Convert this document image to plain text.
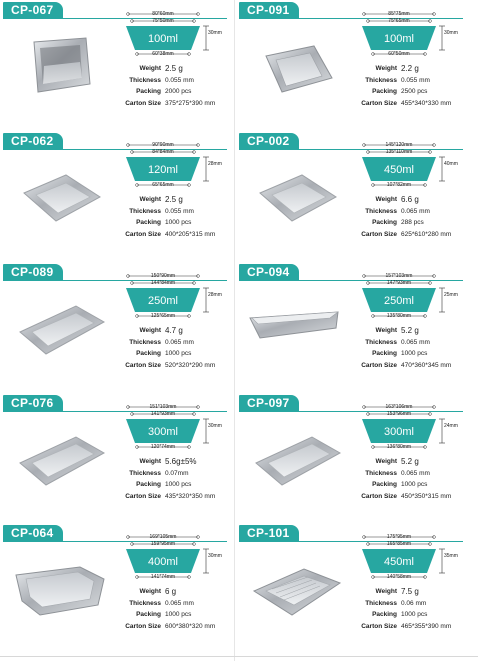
CP-067	80*60mm
75*50mm
100ml
60*38mm
30mm
Weight 2.5 g
Thickness 0.055 mm
Packing 2000 pcs
Carton Size 375*275*390 mm
CP-091	85*75mm
75*65mm
100ml
60*50mm
30mm
Weight 2.2 g
Thickness 0.055 mm
Packing 2500 pcs
Carton Size 455*340*330 mm
CP-062	90*90mm
84*84mm
120ml
65*65mm
28mm
Weight 2.5 g
Thickness 0.055 mm
Packing 1000 pcs
Carton Size 400*205*315 mm
CP-002	145*120mm
135*110mm
450ml
107*82mm
40mm
Weight 6.6 g
Thickness 0.065 mm
Packing 288 pcs
Carton Size 625*610*280 mm
CP-089	150*90mm
144*84mm
250ml
125*65mm
28mm
Weight 4.7 g
Thickness 0.065 mm
Packing 1000 pcs
Carton Size 520*320*290 mm
CP-094	157*103mm
147*93mm
250ml
135*80mm
25mm
Weight 5.2 g
Thickness 0.065 mm
Packing 1000 pcs
Carton Size 470*360*345 mm
CP-076	151*103mm
141*93mm
300ml
120*74mm
30mm
Weight 5.6g±5%
Thickness 0.07mm
Packing 1000 pcs
Carton Size 435*320*350 mm
CP-097	163*106mm
153*96mm
300ml
136*80mm
24mm
Weight 5.2 g
Thickness 0.065 mm
Packing 1000 pcs
Carton Size 450*350*315 mm
CP-064	169*105mm
159*95mm
400ml
141*74mm
30mm
Weight 6 g
Thickness 0.065 mm
Packing 1000 pcs
Carton Size 600*380*320 mm
CP-101	175*95mm
165*85mm
450ml
140*58mm
35mm
Weight 7.5 g
Thickness 0.06 mm
Packing 1000 pcs
Carton Size 465*355*390 mm
